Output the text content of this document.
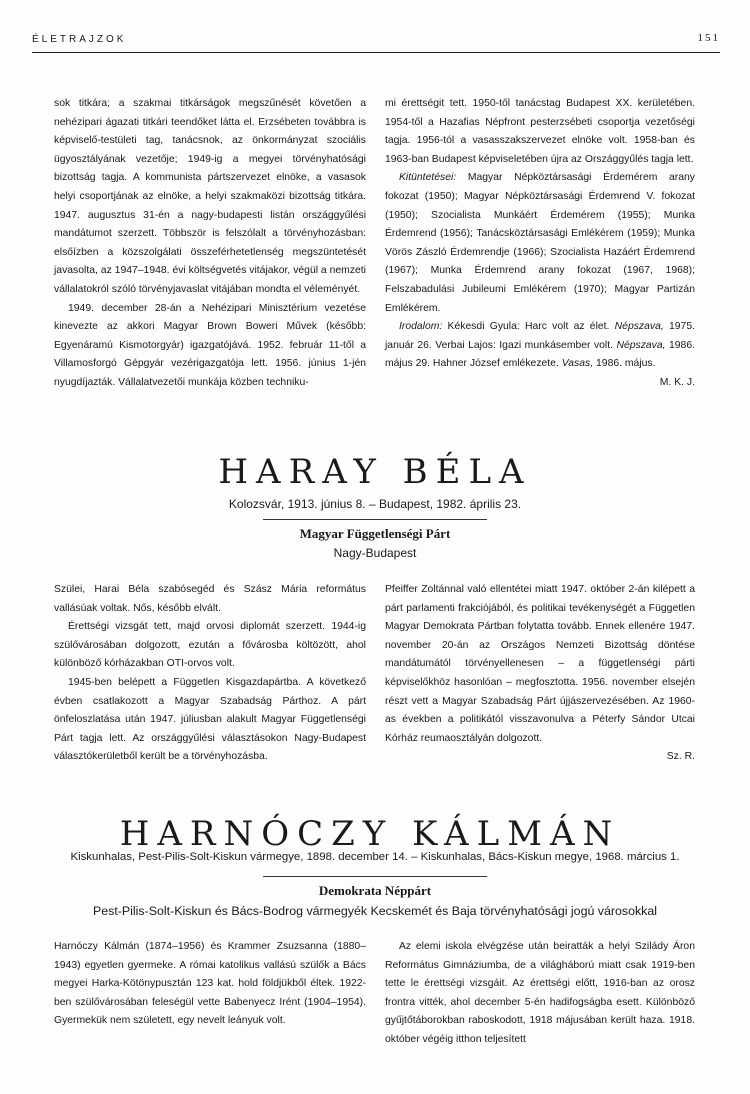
ÉLETRAJZOK	151

sok titkára; a szakmai titkárságok megszűnését követően a nehézipari ágazati titkári teendőket látta el. Erzsébeten továbbra is képviselő-testületi tag, tanácsnok, az önkormányzat szociális ügyosztályának vezetője; 1949-ig a megyei törvényhatósági bizottság tagja. A kommunista pártszervezet elnöke, a vasasok helyi csoportjának az elnöke, a helyi szakmaközi bizottság titkára. 1947. augusztus 31-én a nagy-budapesti listán országgyűlési mandátumot szerzett. Többször is felszólalt a törvényhozásban: elsőízben a közszolgálati összeférhetetlenség megszüntetését javasolta, az 1947–1948. évi költségvetés vitájakor, végül a nemzeti vállalatokról szóló törvényjavaslat vitájában mondta el véleményét.

1949. december 28-án a Nehézipari Minisztérium vezetése kinevezte az akkori Magyar Brown Boweri Művek (később: Egyenáramú Kismotorgyár) igazgatójává. 1952. február 11-től a Villamosforgó Gépgyár vezérigazgatója lett. 1956. június 1-jén nyugdíjazták. Vállalatvezetői munkája közben techniku-

mi érettségit tett. 1950-től tanácstag Budapest XX. kerületében. 1954-től a Hazafias Népfront pesterzsébeti csoportja vezetőségi tagja. 1956-tól a vasasszakszervezet elnöke volt. 1958-ban és 1963-ban Budapest képviseletében újra az Országgyűlés tagja lett.

Kitüntetései: Magyar Népköztársasági Érdemérem arany fokozat (1950); Magyar Népköztársasági Érdemrend V. fokozat (1950); Szocialista Munkáért Érdemérem (1955); Munka Érdemrend (1956); Tanácsköztársasági Emlékérem (1959); Munka Vörös Zászló Érdemrendje (1966); Szocialista Hazáért Érdemrend (1967); Munka Érdemrend arany fokozat (1967, 1968); Felszabadulási Jubileumi Emlékérem (1970); Magyar Partizán Emlékérem.

Irodalom: Kékesdi Gyula: Harc volt az élet. Népszava, 1975. január 26. Verbai Lajos: Igazi munkásember volt. Népszava, 1986. május 29. Hahner József emlékezete. Vasas, 1986. május.

M. K. J.

HARAY BÉLA
Kolozsvár, 1913. június 8. – Budapest, 1982. április 23.
Magyar Függetlenségi Párt
Nagy-Budapest

Szülei, Harai Béla szabósegéd és Szász Mária református vallásúak voltak. Nős, később elvált.

Érettségi vizsgát tett, majd orvosi diplomát szerzett. 1944-ig szülővárosában dolgozott, ezután a fővárosba költözött, ahol különböző kórházakban OTI-orvos volt.

1945-ben belépett a Független Kisgazdapártba. A következő évben csatlakozott a Magyar Szabadság Párthoz. A párt önfeloszlatása után 1947. júliusban alakult Magyar Függetlenségi Párt tagja lett. Az országgyűlési választásokon Nagy-Budapest választókerületből került be a törvényhozásba.

Pfeiffer Zoltánnal való ellentétei miatt 1947. október 2-án kilépett a párt parlamenti frakciójából, és politikai tevékenységét a Független Magyar Demokrata Pártban folytatta tovább. Ennek ellenére 1947. november 20-án az Országos Nemzeti Bizottság döntése mandátumától törvényellenesen – a függetlenségi párti képviselőkhöz hasonlóan – megfosztotta. 1956. november elsején részt vett a Magyar Szabadság Párt újjászervezésében. Az 1960-as években a politikától visszavonulva a Péterfy Sándor Utcai Kórház reumaosztályán dolgozott.

Sz. R.

HARNÓCZY KÁLMÁN
Kiskunhalas, Pest-Pilis-Solt-Kiskun vármegye, 1898. december 14. – Kiskunhalas, Bács-Kiskun megye, 1968. március 1.
Demokrata Néppárt
Pest-Pilis-Solt-Kiskun és Bács-Bodrog vármegyék Kecskemét és Baja törvényhatósági jogú városokkal

Harnóczy Kálmán (1874–1956) és Krammer Zsuzsanna (1880–1943) egyetlen gyermeke. A római katolikus vallású szülők a Bács megyei Harka-Kötönypusztán 123 kat. hold földjükből éltek. 1922-ben szülővárosában feleségül vette Babenyecz Irént (1904–1954). Gyermekük nem született, egy nevelt leányuk volt.

Az elemi iskola elvégzése után beiratták a helyi Szilády Áron Református Gimnáziumba, de a világháború miatt csak 1919-ben tette le érettségi vizsgáit. Az érettségi előtt, 1916-ban az orosz frontra vitték, ahol december 5-én hadifogságba esett. Különböző gyűjtőtáborokban raboskodott, 1918 májusában került haza. 1918. október végéig itthon teljesített
